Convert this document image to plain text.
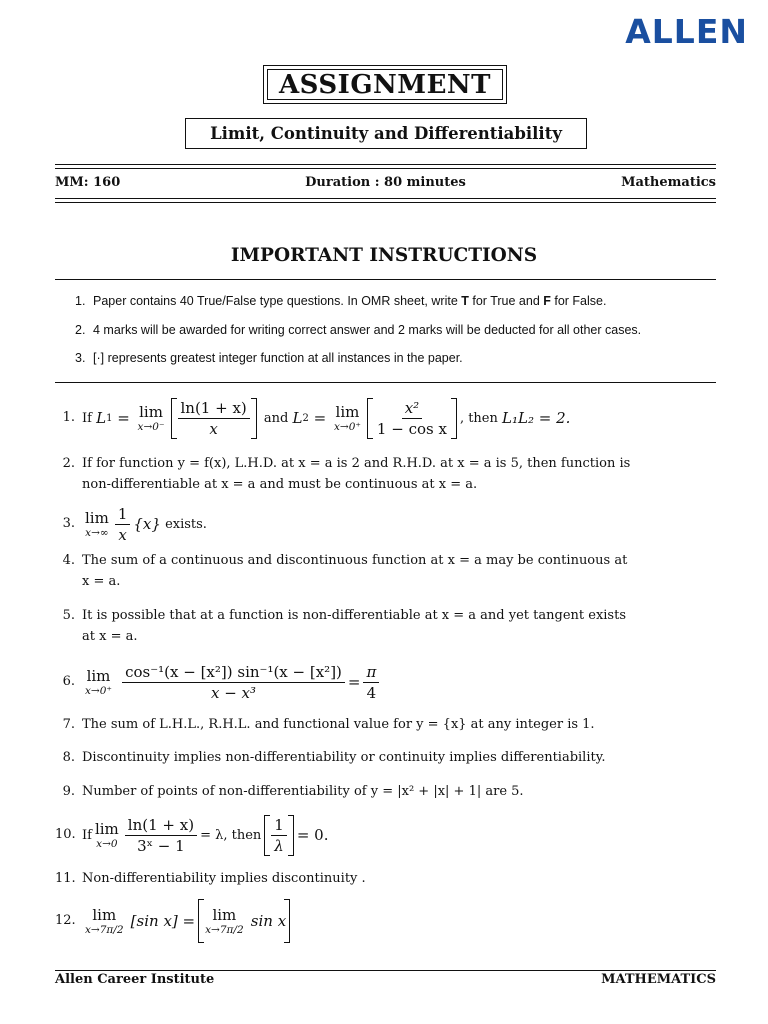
ALLEN
ASSIGNMENT
Limit, Continuity and Differentiability
MM: 160	Duration : 80 minutes	Mathematics
IMPORTANT INSTRUCTIONS
1. Paper contains 40 True/False type questions. In OMR sheet, write T for True and F for False.
2. 4 marks will be awarded for writing correct answer and 2 marks will be deducted for all other cases.
3. [·] represents greatest integer function at all instances in the paper.
1. If
L 1 = lim
$x\to 0^- \frac{\ln(1 + x)}{x}$
and
L 2 = lim
$x\to 0^+ \frac{\text{x²}}{\text{1 − cos x}}$ , then
L₁L₂ = 2.
2. If for function y = f(x), L.H.D. at x = a is 2 and R.H.D. at x = a is 5, then function is
non-differentiable at x = a and must be continuous at x = a.
3. lim
$x\to\infty \frac{1}{x} \{x\}$
exists.
4. The sum of a continuous and discontinuous function at x = a may be continuous at
x = a.
5. It is possible that at a function is non-differentiable at x = a and yet tangent exists
at x = a.
6. lim
x→0⁺
$\frac{\text{cos⁻¹(x − [x²]) sin⁻¹(x − [x²])}}{\text{x − x³}} = \frac{\pi}{4}$
7. The sum of L.H.L., R.H.L. and functional value for y = {x} at any integer is 1.
8. Discontinuity implies non-differentiability or continuity implies differentiability.
9. Number of points of non-differentiability of y = |x² + |x| + 1| are 5.
10. If lim
$x\to 0 \frac{\ln(1 + x)}{\text{3ˣ − 1}} = \lambda$, then $\frac{1}{\lambda} = 0$.
11. Non-differentiability implies discontinuity .
12.	lim
x→7π/2
[sin x] = lim
x→7π/2
sin x
Allen Career Institute	MATHEMATICS
